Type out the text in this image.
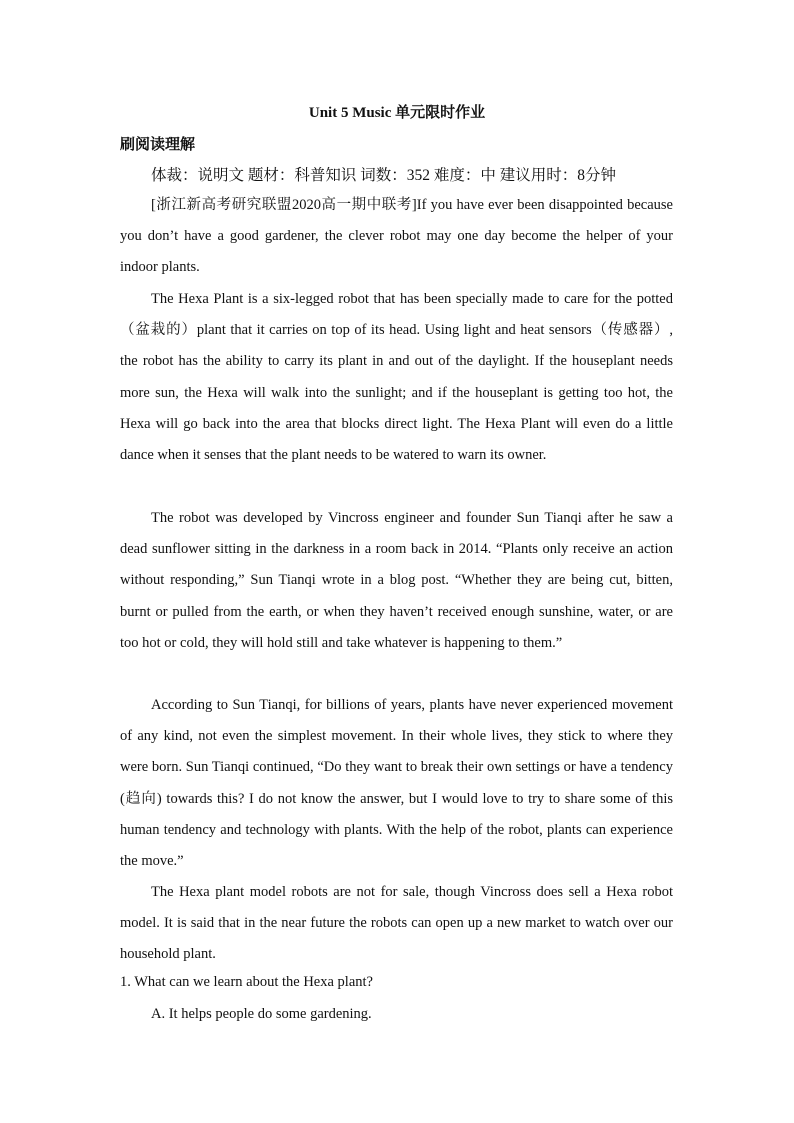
Unit 5 Music 单元限时作业
刷阅读理解
体裁：说明文 题材：科普知识 词数：352 难度：中 建议用时：8分钟

[浙江新高考研究联盟2020高一期中联考]If you have ever been disappointed because you don’t have a good gardener, the clever robot may one day become the helper of your indoor plants.

The Hexa Plant is a six-legged robot that has been specially made to care for the potted（盆栽的）plant that it carries on top of its head. Using light and heat sensors（传感器）, the robot has the ability to carry its plant in and out of the daylight. If the houseplant needs more sun, the Hexa will walk into the sunlight; and if the houseplant is getting too hot, the Hexa will go back into the area that blocks direct light. The Hexa Plant will even do a little dance when it senses that the plant needs to be watered to warn its owner.

The robot was developed by Vincross engineer and founder Sun Tianqi after he saw a dead sunflower sitting in the darkness in a room back in 2014. “Plants only receive an action without responding,” Sun Tianqi wrote in a blog post. “Whether they are being cut, bitten, burnt or pulled from the earth, or when they haven’t received enough sunshine, water, or are too hot or cold, they will hold still and take whatever is happening to them.”

According to Sun Tianqi, for billions of years, plants have never experienced movement of any kind, not even the simplest movement. In their whole lives, they stick to where they were born. Sun Tianqi continued, “Do they want to break their own settings or have a tendency (趋向) towards this? I do not know the answer, but I would love to try to share some of this human tendency and technology with plants. With the help of the robot, plants can experience the move.”

The Hexa plant model robots are not for sale, though Vincross does sell a Hexa robot model. It is said that in the near future the robots can open up a new market to watch over our household plant.

1. What can we learn about the Hexa plant?
A. It helps people do some gardening.
